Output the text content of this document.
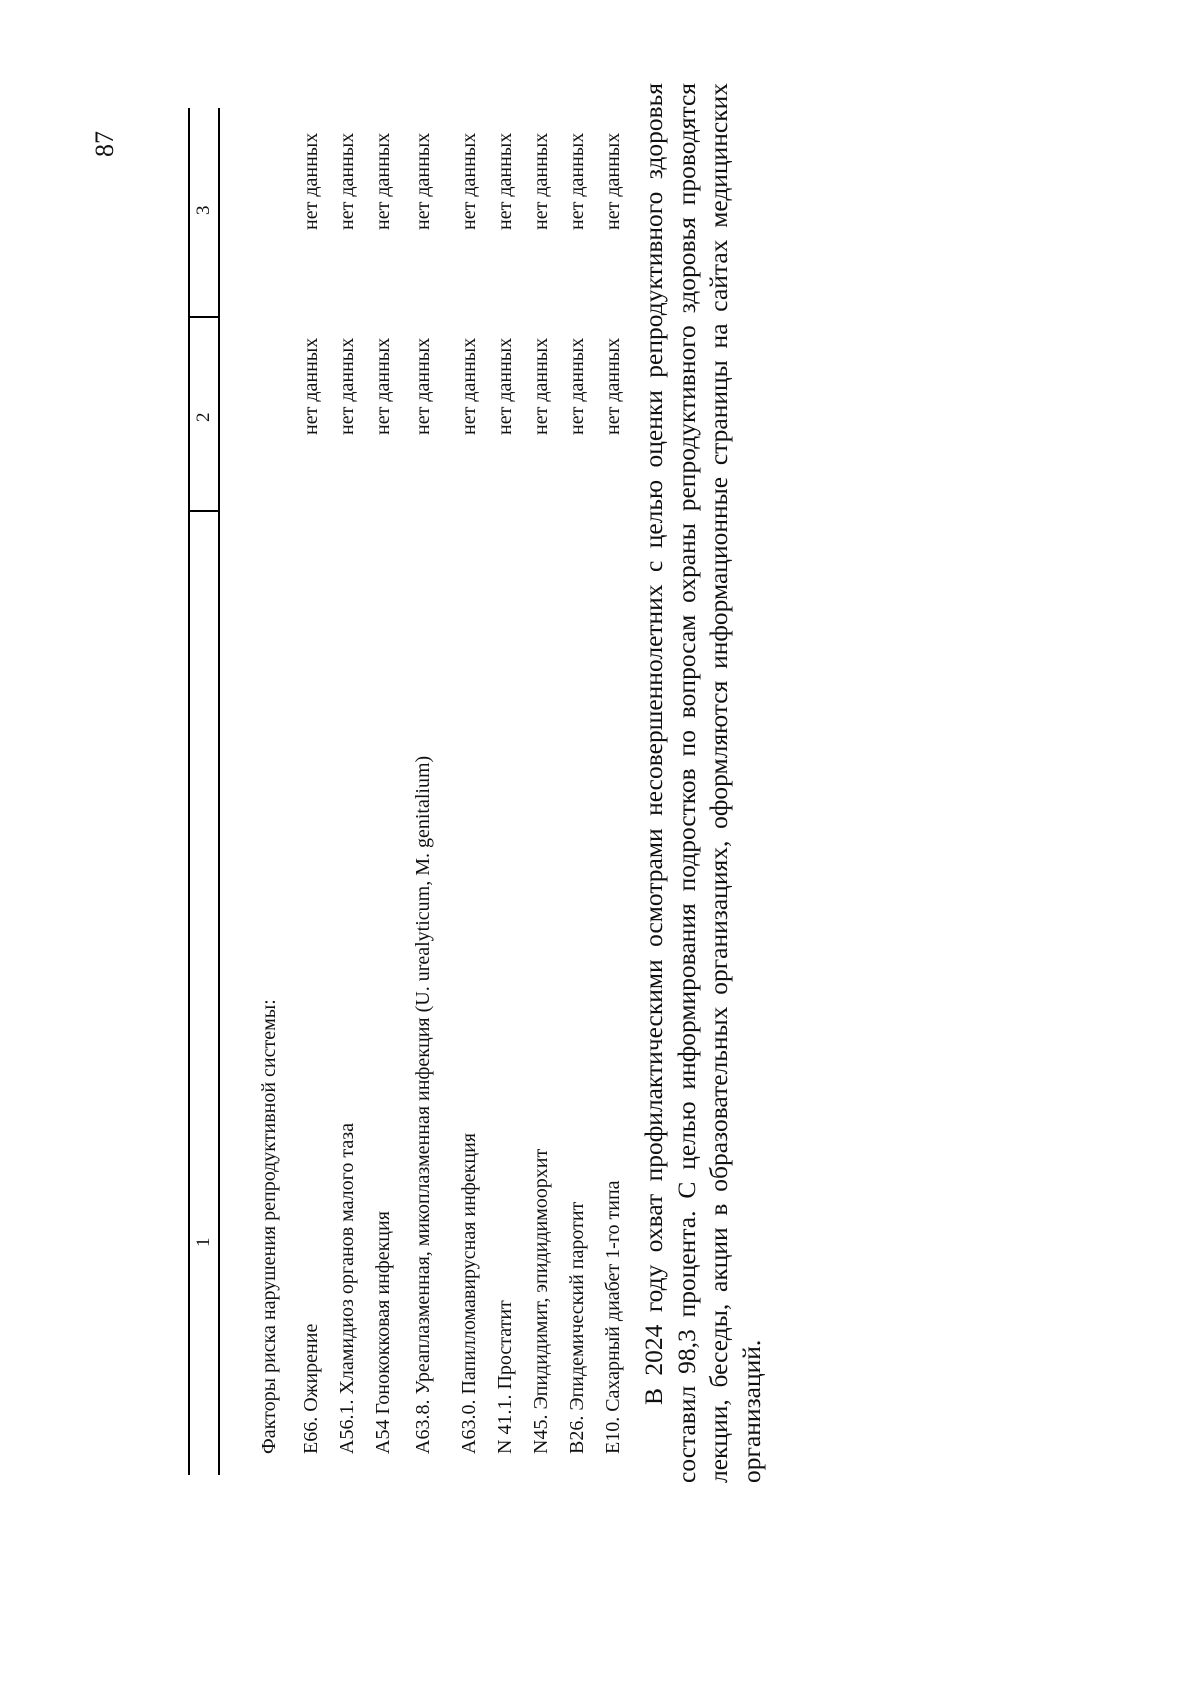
87
1
2
3
Факторы риска нарушения репродуктивной системы: Е66. Ожирение
нет данных
нет данных
А56.1. Хламидиоз органов малого таза
нет данных
нет данных
А54 Гонококковая инфекция
нет данных
нет данных
А63.8. Уреаплазменная, микоплазменная инфекция (U. urealyticum, M. genitalium)
нет данных
нет данных
А63.0. Папилломавирусная инфекция
нет данных
нет данных
N 41.1. Простатит
нет данных
нет данных
N45. Эпидидимит, эпидидимоорхит
нет данных
нет данных
В26. Эпидемический паротит
нет данных
нет данных
Е10. Сахарный диабет 1-го типа
нет данных
нет данных В 2024 году охват профилактическими осмотрами несовершеннолетних с целью оценки репродуктивного здоровья составил 98,3 процента. С целью информирования подростков по вопросам охраны репродуктивного здоровья проводятся лекции, беседы, акции в образовательных организациях, оформляются информационные страницы на сайтах медицинских организаций.
